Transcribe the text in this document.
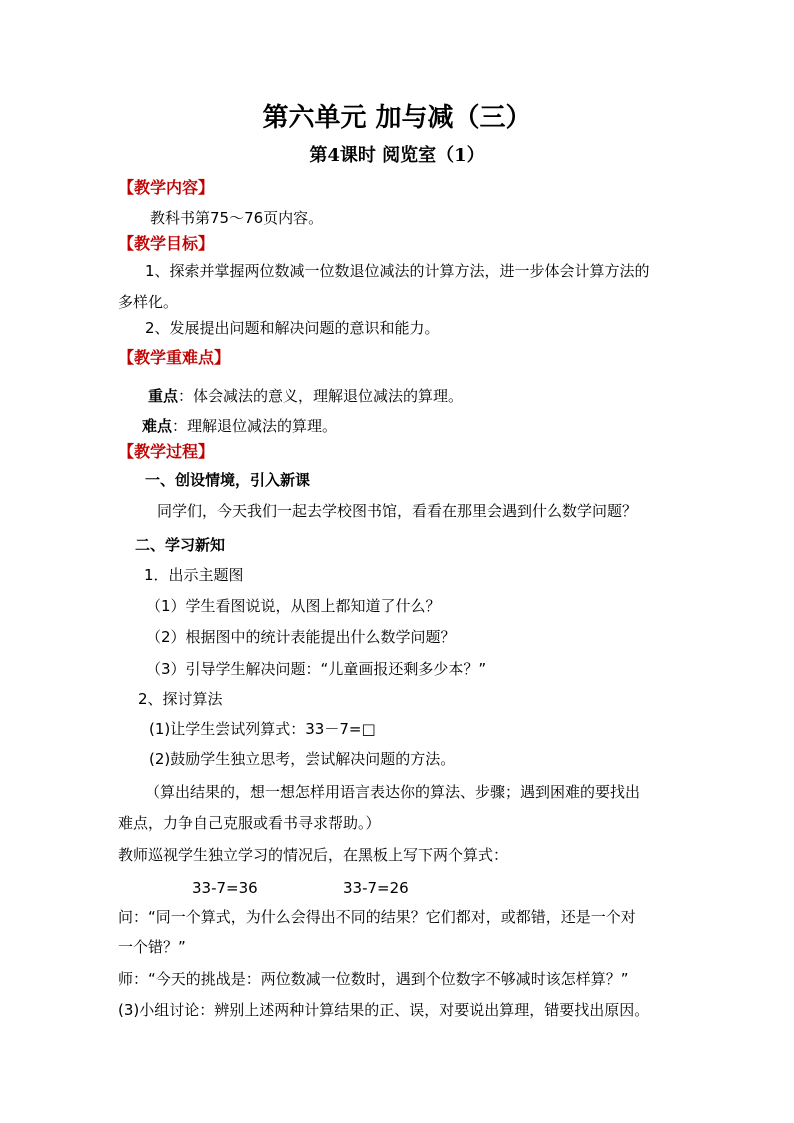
第六单元 加与减（三）
第4课时 阅览室（1）
【教学内容】
教科书第75～76页内容。
【教学目标】
1、探索并掌握两位数减一位数退位减法的计算方法，进一步体会计算方法的
多样化。
2、发展提出问题和解决问题的意识和能力。
【教学重难点】
重点：体会减法的意义，理解退位减法的算理。
难点：理解退位减法的算理。
【教学过程】
一、创设情境，引入新课
同学们，今天我们一起去学校图书馆，看看在那里会遇到什么数学问题？
二、学习新知
1．出示主题图
（1）学生看图说说，从图上都知道了什么？
（2）根据图中的统计表能提出什么数学问题？
（3）引导学生解决问题：“儿童画报还剩多少本？”
2、探讨算法
(1)让学生尝试列算式：33－7=□
(2)鼓励学生独立思考，尝试解决问题的方法。
（算出结果的，想一想怎样用语言表达你的算法、步骤；遇到困难的要找出
难点，力争自己克服或看书寻求帮助。）
教师巡视学生独立学习的情况后，在黑板上写下两个算式：
33-7=36	33-7=26
问：“同一个算式，为什么会得出不同的结果？它们都对，或都错，还是一个对
一个错？”
师：“今天的挑战是：两位数减一位数时，遇到个位数字不够减时该怎样算？”
(3)小组讨论：辨别上述两种计算结果的正、误，对要说出算理，错要找出原因。
